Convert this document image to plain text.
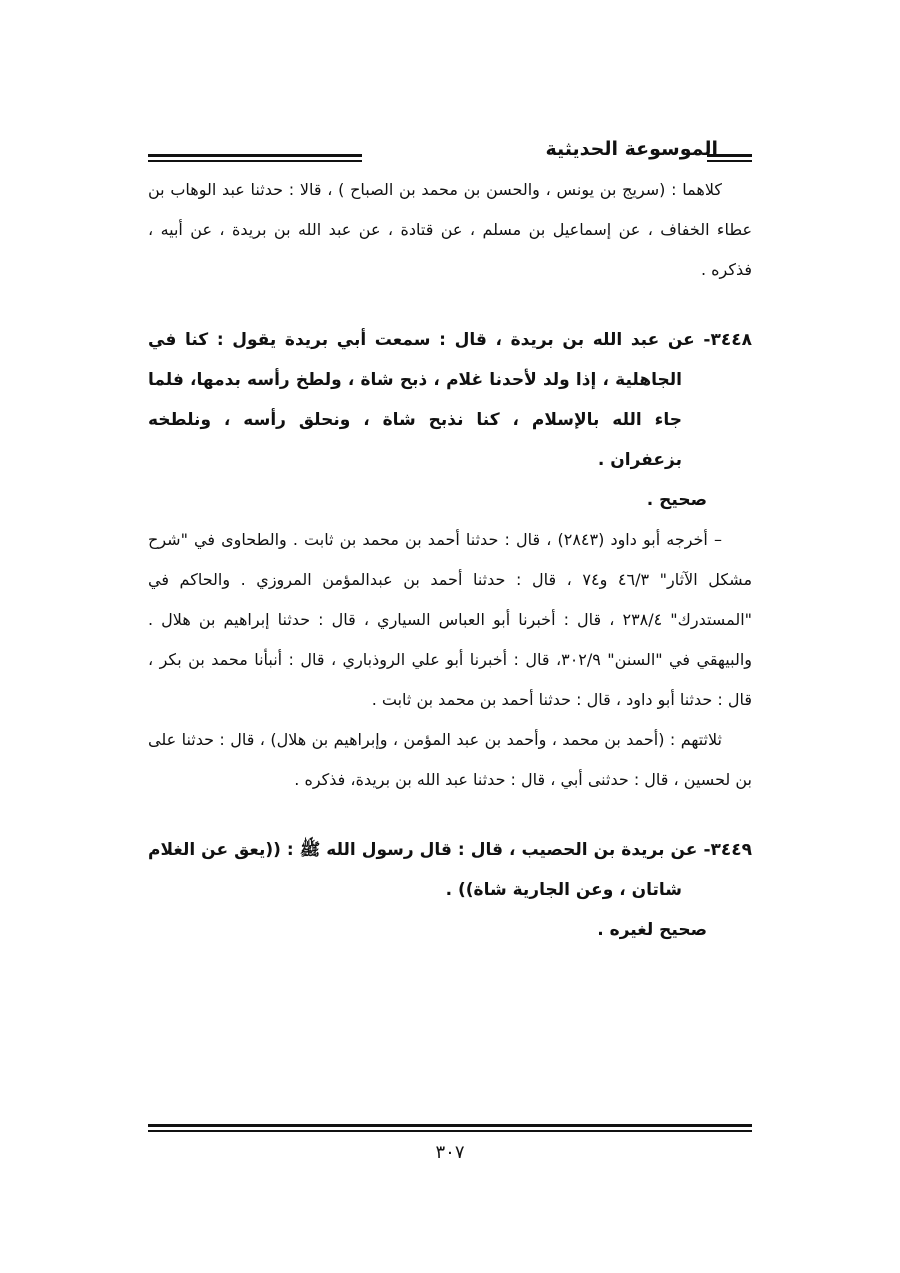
الموسوعة الحديثية

كلاهما : (سريج بن يونس ، والحسن بن محمد بن الصباح ) ، قالا : حدثنا عبد الوهاب بن عطاء الخفاف ، عن إسماعيل بن مسلم ، عن قتادة ، عن عبد الله بن بريدة ، عن أبيه ، فذكره .

٣٤٤٨- عن عبد الله بن بريدة ، قال : سمعت أبي بريدة يقول : كنا في الجاهلية ، إذا ولد لأحدنا غلام ، ذبح شاة ، ولطخ رأسه بدمها، فلما جاء الله بالإسلام ، كنا نذبح شاة ، ونحلق رأسه ، ونلطخه بزعفران .

صحيح .

– أخرجه أبو داود (٢٨٤٣) ، قال : حدثنا أحمد بن محمد بن ثابت . والطحاوى في "شرح مشكل الآثار" ٤٦/٣ و٧٤ ، قال : حدثنا أحمد بن عبدالمؤمن المروزي . والحاكم في "المستدرك" ٢٣٨/٤ ، قال : أخبرنا أبو العباس السياري ، قال : حدثنا إبراهيم بن هلال . والبيهقي في "السنن" ٣٠٢/٩، قال : أخبرنا أبو علي الروذباري ، قال : أنبأنا محمد بن بكر ، قال : حدثنا أبو داود ، قال : حدثنا أحمد بن محمد بن ثابت .

ثلاثتهم : (أحمد بن محمد ، وأحمد بن عبد المؤمن ، وإبراهيم بن هلال) ، قال : حدثنا على بن لحسين ، قال : حدثنى أبي ، قال : حدثنا عبد الله بن بريدة، فذكره .

٣٤٤٩- عن بريدة بن الحصيب ، قال : قال رسول الله ﷺ : ((يعق عن الغلام شاتان ، وعن الجارية شاة)) .

صحيح لغيره .

٣٠٧
